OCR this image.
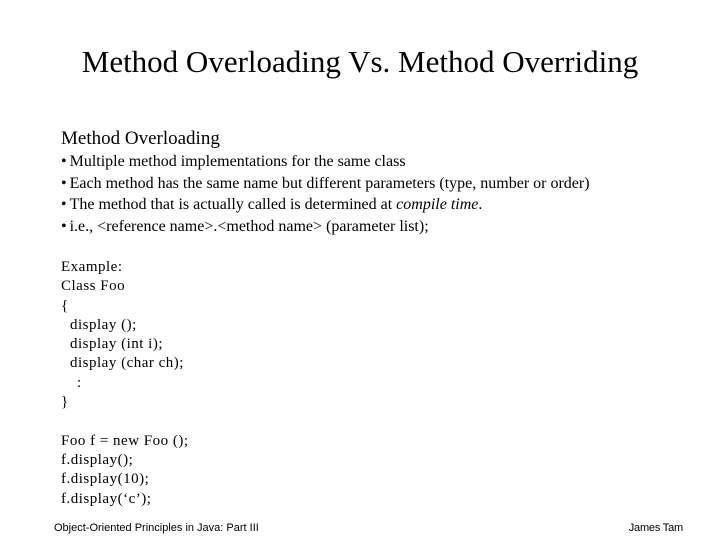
Method Overloading Vs. Method Overriding
Method Overloading
• Multiple method implementations for the same class
• Each method has the same name but different parameters (type, number or order)
• The method that is actually called is determined at compile time.
• i.e., <reference name>.<method name> (parameter list);
Example:
Class Foo
{
display ();
display (int i);
display (char ch);
:
}
Foo f = new Foo ();
f.display();
f.display(10);
f.display(‘c’);
Object-Oriented Principles in Java: Part III	James Tam
